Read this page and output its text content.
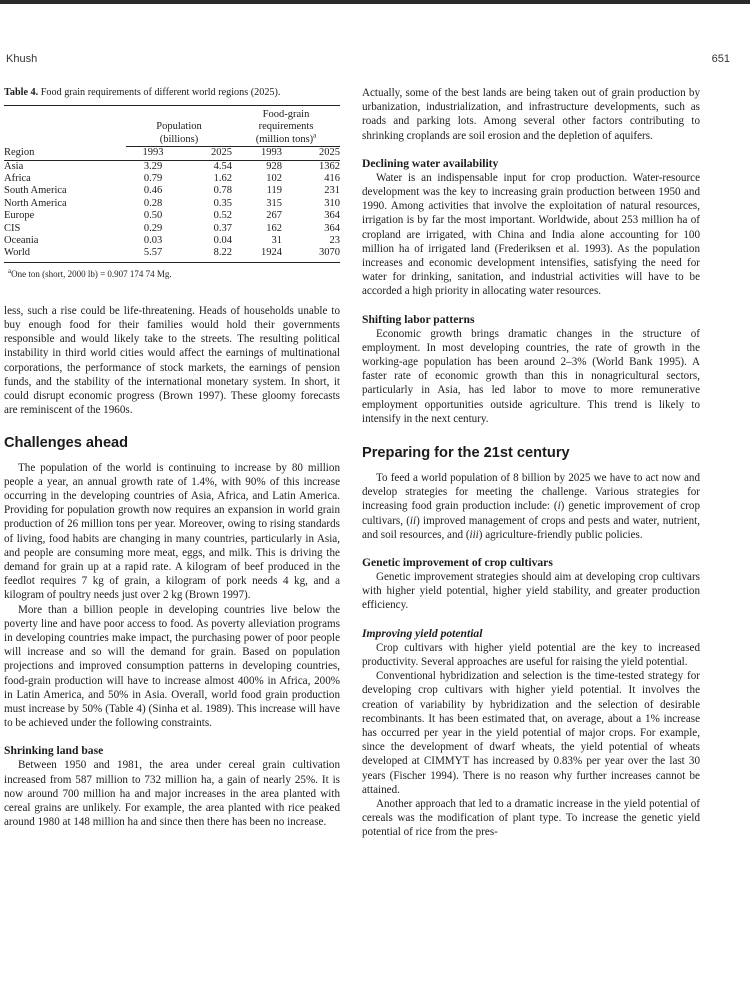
Khush	651

Table 4. Food grain requirements of different world regions (2025).

			Food-grain	
	Population		requirements	
	(billions)		(million tons)$^a$
Region	1993	2025	1993	2025
Asia	3.29	4.54	928	1362
Africa	0.79	1.62	102	416
South America	0.46	0.78	119	231
North America	0.28	0.35	315	310
Europe	0.50	0.52	267	364
CIS	0.29	0.37	162	364
Oceania	0.03	0.04	31	23
World	5.57	8.22	1924	3070

$^a$One ton (short, 2000 lb) = 0.907 174 74 Mg.

less, such a rise could be life-threatening. Heads of households unable to buy enough food for their families would hold their governments responsible and would likely take to the streets. The resulting political instability in third world cities would affect the earnings of multinational corporations, the performance of stock markets, the earnings of pension funds, and the stability of the international monetary system. In short, it could disrupt economic progress (Brown 1997). These gloomy forecasts are reminiscent of the 1960s.

Challenges ahead

The population of the world is continuing to increase by 80 million people a year, an annual growth rate of 1.4%, with 90% of this increase occurring in the developing countries of Asia, Africa, and Latin America. Providing for population growth now requires an expansion in world grain production of 26 million tons per year. Moreover, owing to rising standards of living, food habits are changing in many countries, particularly in Asia, and people are consuming more meat, eggs, and milk. This is driving the demand for grain up at a rapid rate. A kilogram of beef produced in the feedlot requires 7 kg of grain, a kilogram of pork needs 4 kg, and a kilogram of poultry needs just over 2 kg (Brown 1997).

More than a billion people in developing countries live below the poverty line and have poor access to food. As poverty alleviation programs in developing countries make impact, the purchasing power of poor people will increase and so will the demand for grain. Based on population projections and improved consumption patterns in developing countries, food-grain production will have to increase almost 400% in Africa, 200% in Latin America, and 50% in Asia. Overall, world food grain production must increase by 50% (Table 4) (Sinha et al. 1989). This increase will have to be achieved under the following constraints.

Shrinking land base

Between 1950 and 1981, the area under cereal grain cultivation increased from 587 million to 732 million ha, a gain of nearly 25%. It is now around 700 million ha and major increases in the area planted with cereal grains are unlikely. For example, the area planted with rice peaked around 1980 at 148 million ha and since then there has been no increase.

Actually, some of the best lands are being taken out of grain production by urbanization, industrialization, and infrastructure developments, such as roads and parking lots. Among several other factors contributing to shrinking croplands are soil erosion and the depletion of aquifers.

Declining water availability

Water is an indispensable input for crop production. Water-resource development was the key to increasing grain production between 1950 and 1990. Among activities that involve the exploitation of natural resources, irrigation is by far the most important. Worldwide, about 253 million ha of cropland are irrigated, with China and India alone accounting for 100 million ha of irrigated land (Frederiksen et al. 1993). As the population increases and economic development intensifies, satisfying the need for water for drinking, sanitation, and industrial activities will have to be accorded a high priority in allocating water resources.

Shifting labor patterns

Economic growth brings dramatic changes in the structure of employment. In most developing countries, the rate of growth in the working-age population has been around 2–3% (World Bank 1995). A faster rate of economic growth than this in nonagricultural sectors, particularly in Asia, has led labor to move to more remunerative employment opportunities outside agriculture. This trend is likely to intensify in the next century.

Preparing for the 21st century

To feed a world population of 8 billion by 2025 we have to act now and develop strategies for meeting the challenge. Various strategies for increasing food grain production include: (i) genetic improvement of crop cultivars, (ii) improved management of crops and pests and water, nutrient, and soil resources, and (iii) agriculture-friendly public policies.

Genetic improvement of crop cultivars

Genetic improvement strategies should aim at developing crop cultivars with higher yield potential, higher yield stability, and greater production efficiency.

Improving yield potential

Crop cultivars with higher yield potential are the key to increased productivity. Several approaches are useful for raising the yield potential.

Conventional hybridization and selection is the time-tested strategy for developing crop cultivars with higher yield potential. It involves the creation of variability by hybridization and the selection of desirable recombinants. It has been estimated that, on average, about a 1% increase has occurred per year in the yield potential of major crops. For example, since the development of dwarf wheats, the yield potential of wheats developed at CIMMYT has increased by 0.83% per year over the last 30 years (Fischer 1994). There is no reason why further increases cannot be attained.

Another approach that led to a dramatic increase in the yield potential of cereals was the modification of plant type. To increase the genetic yield potential of rice from the pres-
